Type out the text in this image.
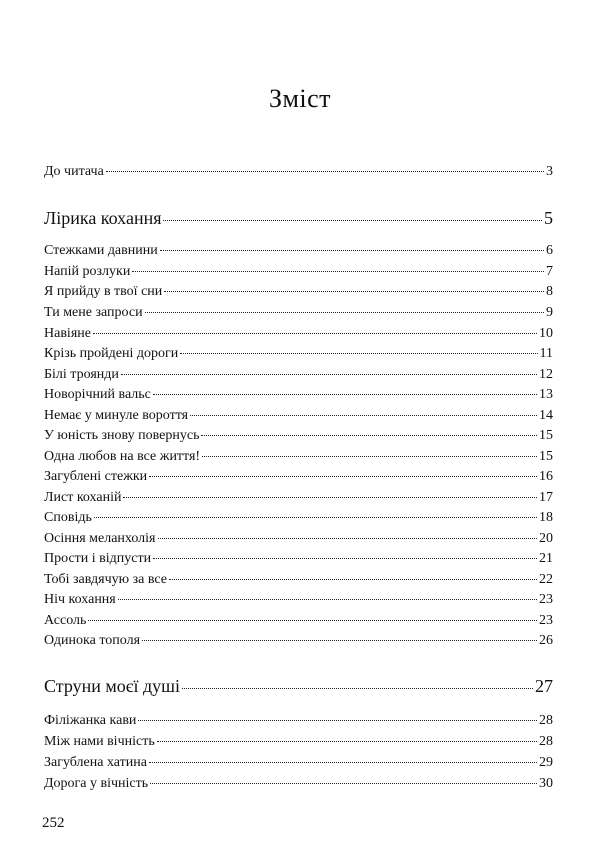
Зміст
До читача	3
Лірика кохання	5
Стежками давнини	6
Напій розлуки	7
Я прийду в твої сни	8
Ти мене запроси	9
Навіяне	10
Крізь пройдені дороги	11
Білі троянди	12
Новорічний вальс	13
Немає у минуле вороття	14
У юність знову повернусь	15
Одна любов на все життя!	15
Загублені стежки	16
Лист коханій	17
Сповідь	18
Осіння меланхолія	20
Прости і відпусти	21
Тобі завдячую за все	22
Ніч кохання	23
Ассоль	23
Одинока тополя	26
Струни моєї душі	27
Філіжанка кави	28
Між нами вічність	28
Загублена хатина	29
Дорога у вічність	30
252
